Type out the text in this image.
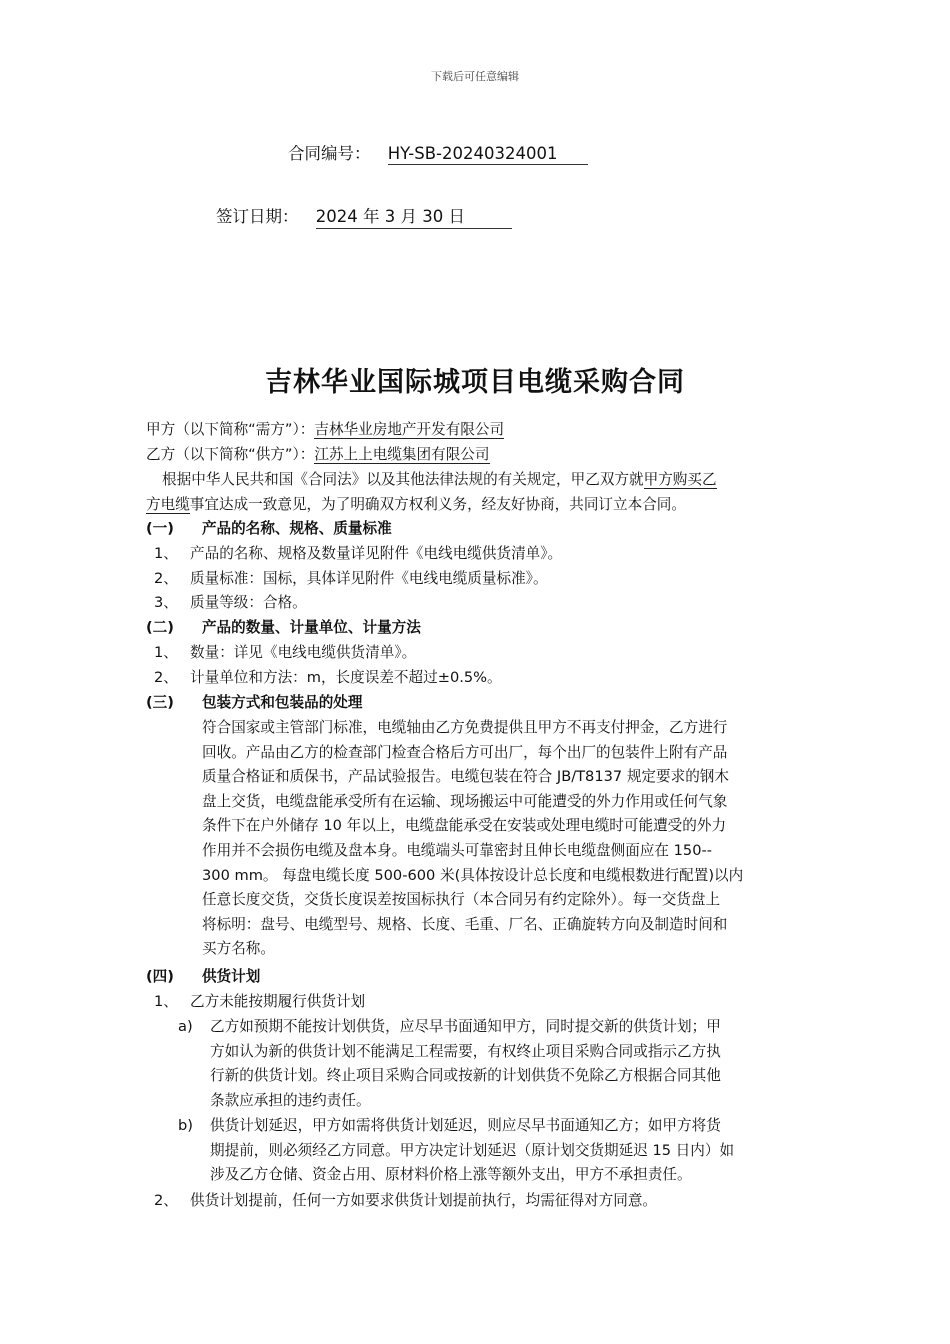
下载后可任意编辑
合同编号： HY-SB-20240324001
签订日期： 2024 年 3 月 30 日
吉林华业国际城项目电缆采购合同
甲方（以下简称“需方”）：吉林华业房地产开发有限公司
乙方（以下简称“供方”）：江苏上上电缆集团有限公司
根据中华人民共和国《合同法》以及其他法律法规的有关规定，甲乙双方就甲方购买乙
方电缆事宜达成一致意见，为了明确双方权利义务，经友好协商，共同订立本合同。
(一) 产品的名称、规格、质量标准
1、 产品的名称、规格及数量详见附件《电线电缆供货清单》。
2、 质量标准：国标，具体详见附件《电线电缆质量标准》。
3、 质量等级：合格。
(二) 产品的数量、计量单位、计量方法
1、 数量：详见《电线电缆供货清单》。
2、 计量单位和方法：m，长度误差不超过±0.5%。
(三) 包装方式和包装品的处理

符合国家或主管部门标准，电缆轴由乙方免费提供且甲方不再支付押金，乙方进行

回收。产品由乙方的检查部门检查合格后方可出厂，每个出厂的包装件上附有产品

质量合格证和质保书，产品试验报告。电缆包装在符合 JB/T8137 规定要求的钢木

盘上交货，电缆盘能承受所有在运输、现场搬运中可能遭受的外力作用或任何气象

条件下在户外储存 10 年以上，电缆盘能承受在安装或处理电缆时可能遭受的外力

作用并不会损伤电缆及盘本身。电缆端头可靠密封且伸长电缆盘侧面应在 150--

300 mm。 每盘电缆长度 500-600 米(具体按设计总长度和电缆根数进行配置)以内

任意长度交货，交货长度误差按国标执行（本合同另有约定除外）。每一交货盘上

将标明：盘号、电缆型号、规格、长度、毛重、厂名、正确旋转方向及制造时间和

买方名称。

(四) 供货计划
1、 乙方未能按期履行供货计划
a) 乙方如预期不能按计划供货，应尽早书面通知甲方，同时提交新的供货计划；甲

方如认为新的供货计划不能满足工程需要，有权终止项目采购合同或指示乙方执

行新的供货计划。终止项目采购合同或按新的计划供货不免除乙方根据合同其他

条款应承担的违约责任。

b) 供货计划延迟，甲方如需将供货计划延迟，则应尽早书面通知乙方；如甲方将货

期提前，则必须经乙方同意。甲方决定计划延迟（原计划交货期延迟 15 日内）如

涉及乙方仓储、资金占用、原材料价格上涨等额外支出，甲方不承担责任。

2、 供货计划提前，任何一方如要求供货计划提前执行，均需征得对方同意。
